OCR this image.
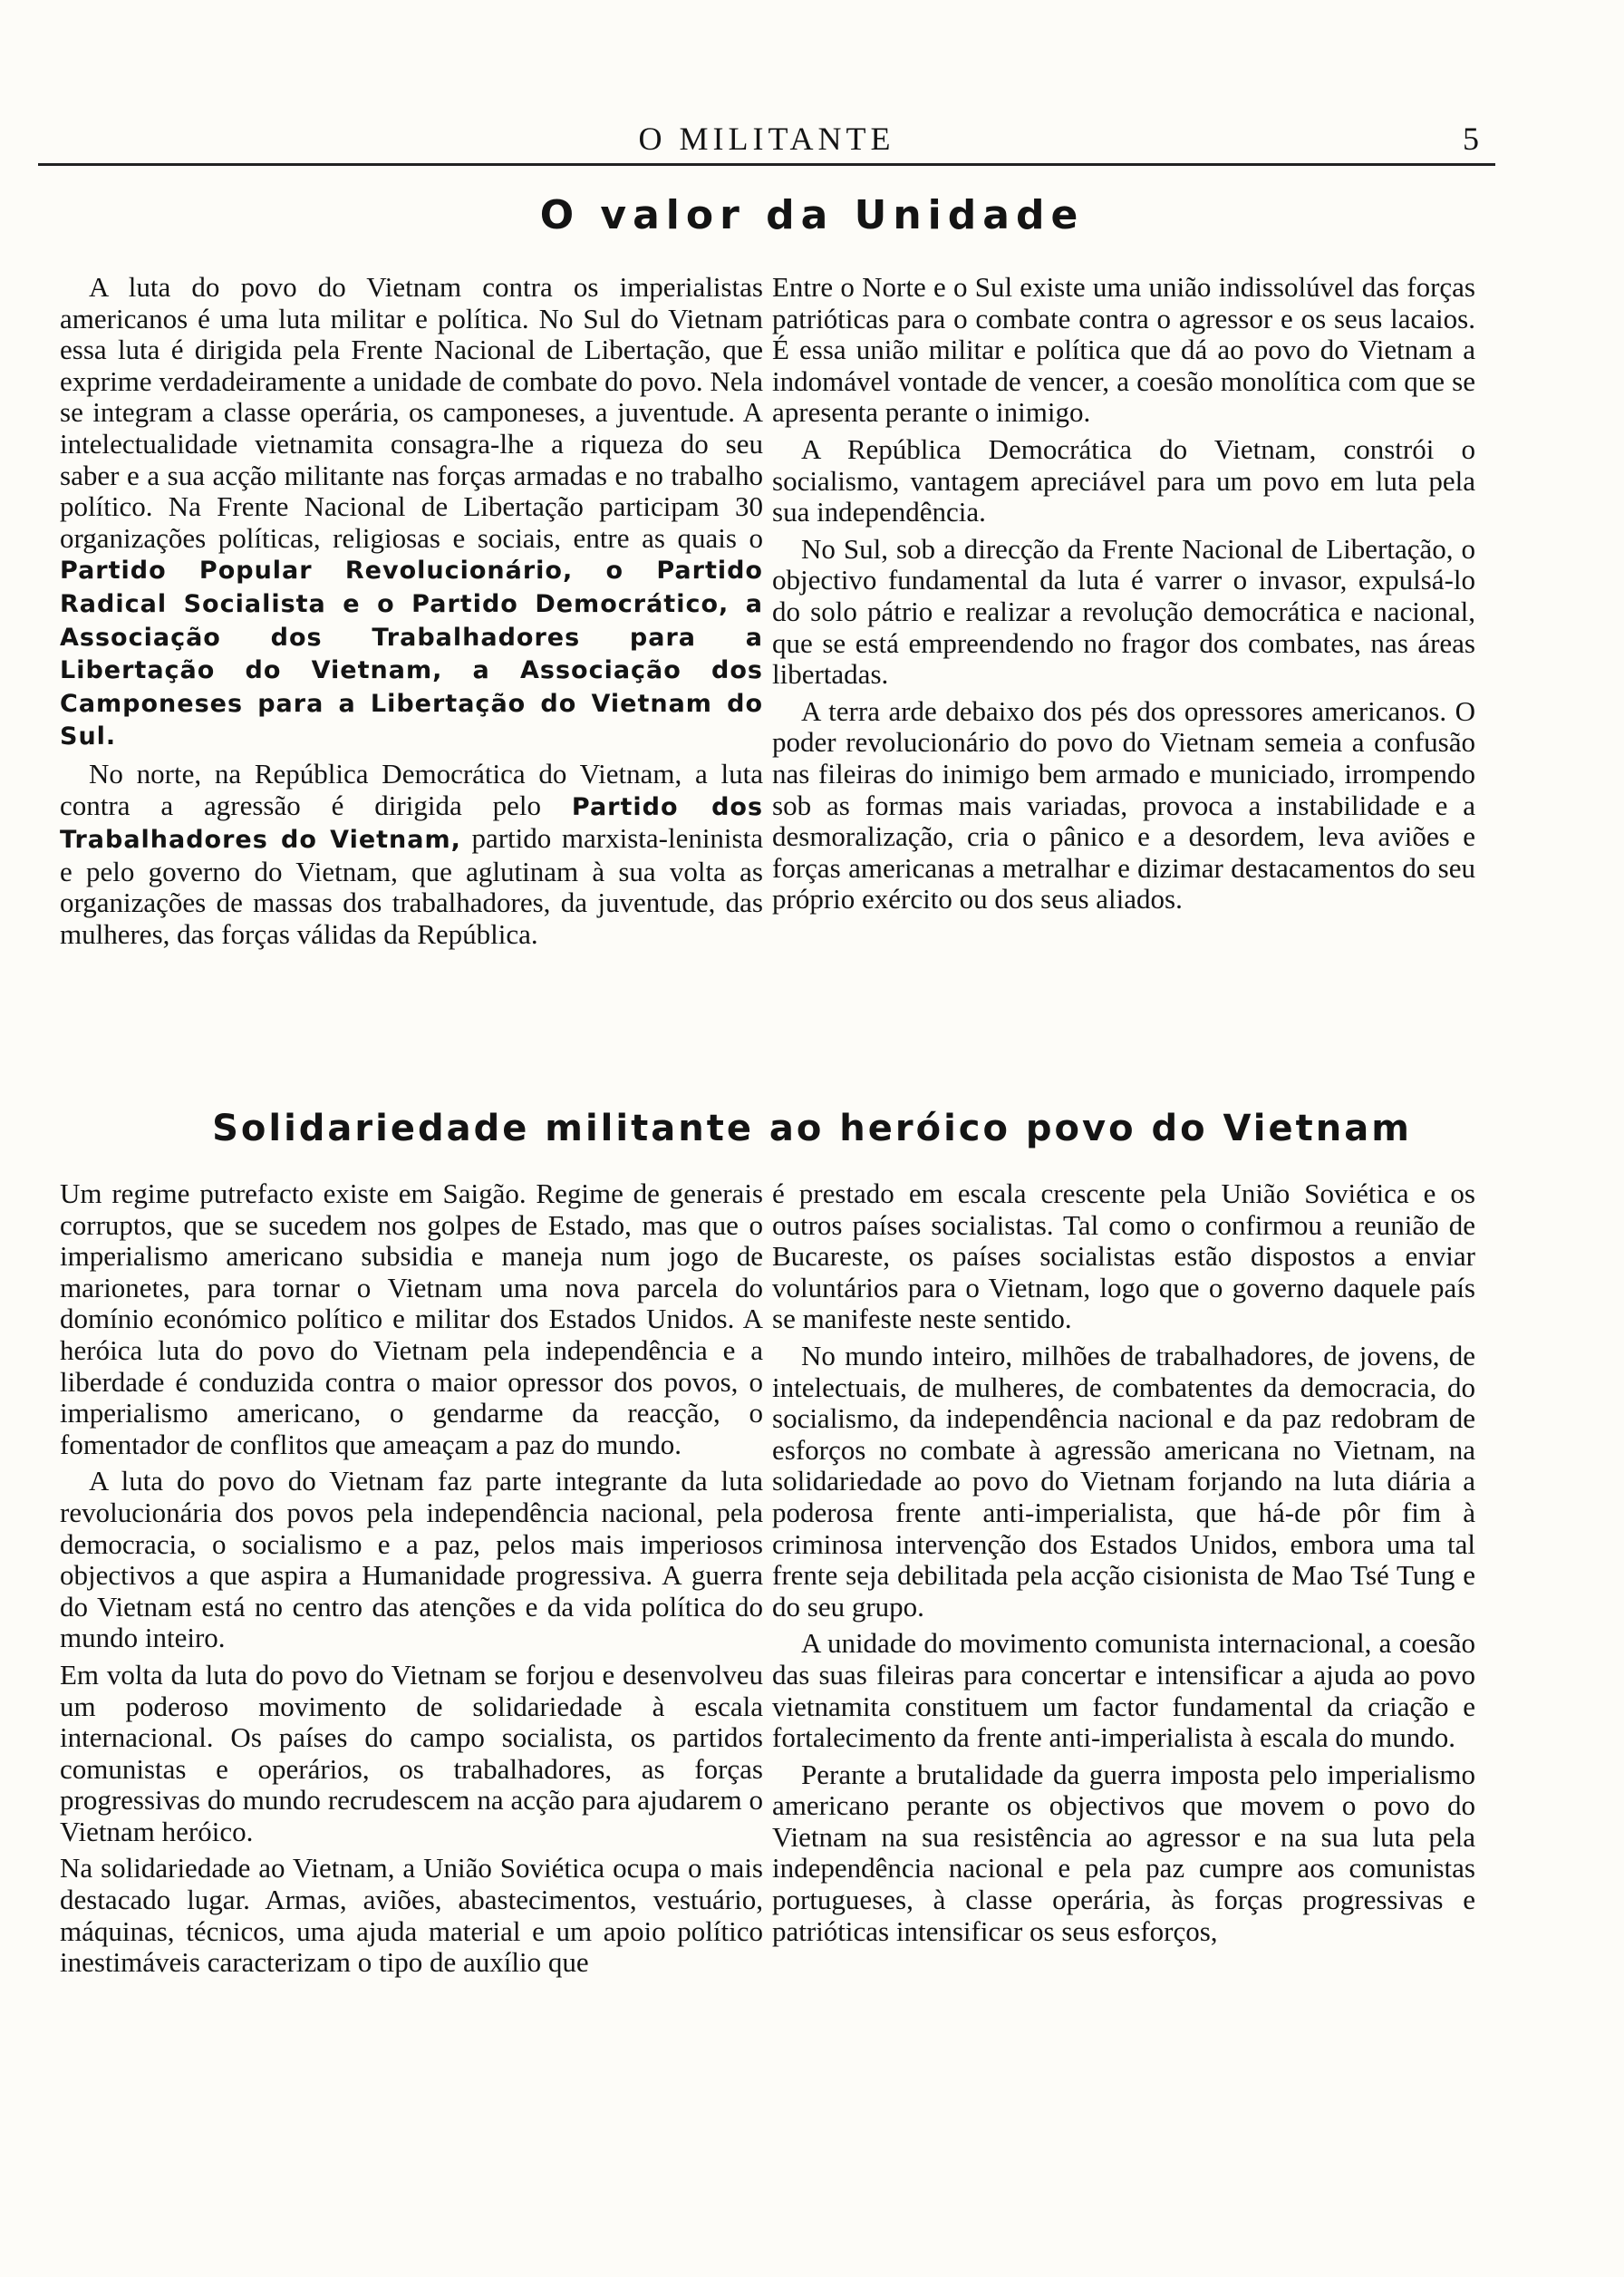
O MILITANTE	5
O valor da Unidade

A luta do povo do Vietnam contra os imperialistas americanos é uma luta militar e política. No Sul do Vietnam essa luta é dirigida pela Frente Nacional de Libertação, que exprime verdadeiramente a unidade de combate do povo. Nela se integram a classe operária, os camponeses, a juventude. A intelectualidade vietnamita consagra-lhe a riqueza do seu saber e a sua acção militante nas forças armadas e no trabalho político. Na Frente Nacional de Libertação participam 30 organizações políticas, religiosas e sociais, entre as quais o Partido Popular Revolucionário, o Partido Radical Socialista e o Partido Democrático, a Associação dos Trabalhadores para a Libertação do Vietnam, a Associação dos Camponeses para a Libertação do Vietnam do Sul.

No norte, na República Democrática do Vietnam, a luta contra a agressão é dirigida pelo Partido dos Trabalhadores do Vietnam, partido marxista-leninista e pelo governo do Vietnam, que aglutinam à sua volta as organizações de massas dos trabalhadores, da juventude, das mulheres, das forças válidas da República.

Entre o Norte e o Sul existe uma união indissolúvel das forças patrióticas para o combate contra o agressor e os seus lacaios. É essa união militar e política que dá ao povo do Vietnam a indomável vontade de vencer, a coesão monolítica com que se apresenta perante o inimigo.

A República Democrática do Vietnam, constrói o socialismo, vantagem apreciável para um povo em luta pela sua independência.

No Sul, sob a direcção da Frente Nacional de Libertação, o objectivo fundamental da luta é varrer o invasor, expulsá-lo do solo pátrio e realizar a revolução democrática e nacional, que se está empreendendo no fragor dos combates, nas áreas libertadas.

A terra arde debaixo dos pés dos opressores americanos. O poder revolucionário do povo do Vietnam semeia a confusão nas fileiras do inimigo bem armado e municiado, irrompendo sob as formas mais variadas, provoca a instabilidade e a desmoralização, cria o pânico e a desordem, leva aviões e forças americanas a metralhar e dizimar destacamentos do seu próprio exército ou dos seus aliados.

Solidariedade militante ao heróico povo do Vietnam

Um regime putrefacto existe em Saigão. Regime de generais corruptos, que se sucedem nos golpes de Estado, mas que o imperialismo americano subsidia e maneja num jogo de marionetes, para tornar o Vietnam uma nova parcela do domínio económico político e militar dos Estados Unidos. A heróica luta do povo do Vietnam pela independência e a liberdade é conduzida contra o maior opressor dos povos, o imperialismo americano, o gendarme da reacção, o fomentador de conflitos que ameaçam a paz do mundo.

A luta do povo do Vietnam faz parte integrante da luta revolucionária dos povos pela independência nacional, pela democracia, o socialismo e a paz, pelos mais imperiosos objectivos a que aspira a Humanidade progressiva. A guerra do Vietnam está no centro das atenções e da vida política do mundo inteiro.

Em volta da luta do povo do Vietnam se forjou e desenvolveu um poderoso movimento de solidariedade à escala internacional. Os países do campo socialista, os partidos comunistas e operários, os trabalhadores, as forças progressivas do mundo recrudescem na acção para ajudarem o Vietnam heróico.

Na solidariedade ao Vietnam, a União Soviética ocupa o mais destacado lugar. Armas, aviões, abastecimentos, vestuário, máquinas, técnicos, uma ajuda material e um apoio político inestimáveis caracterizam o tipo de auxílio que

é prestado em escala crescente pela União Soviética e os outros países socialistas. Tal como o confirmou a reunião de Bucareste, os países socialistas estão dispostos a enviar voluntários para o Vietnam, logo que o governo daquele país se manifeste neste sentido.

No mundo inteiro, milhões de trabalhadores, de jovens, de intelectuais, de mulheres, de combatentes da democracia, do socialismo, da independência nacional e da paz redobram de esforços no combate à agressão americana no Vietnam, na solidariedade ao povo do Vietnam forjando na luta diária a poderosa frente anti-imperialista, que há-de pôr fim à criminosa intervenção dos Estados Unidos, embora uma tal frente seja debilitada pela acção cisionista de Mao Tsé Tung e do seu grupo.

A unidade do movimento comunista internacional, a coesão das suas fileiras para concertar e intensificar a ajuda ao povo vietnamita constituem um factor fundamental da criação e fortalecimento da frente anti-imperialista à escala do mundo.

Perante a brutalidade da guerra imposta pelo imperialismo americano perante os objectivos que movem o povo do Vietnam na sua resistência ao agressor e na sua luta pela independência nacional e pela paz cumpre aos comunistas portugueses, à classe operária, às forças progressivas e patrióticas intensificar os seus esforços,
